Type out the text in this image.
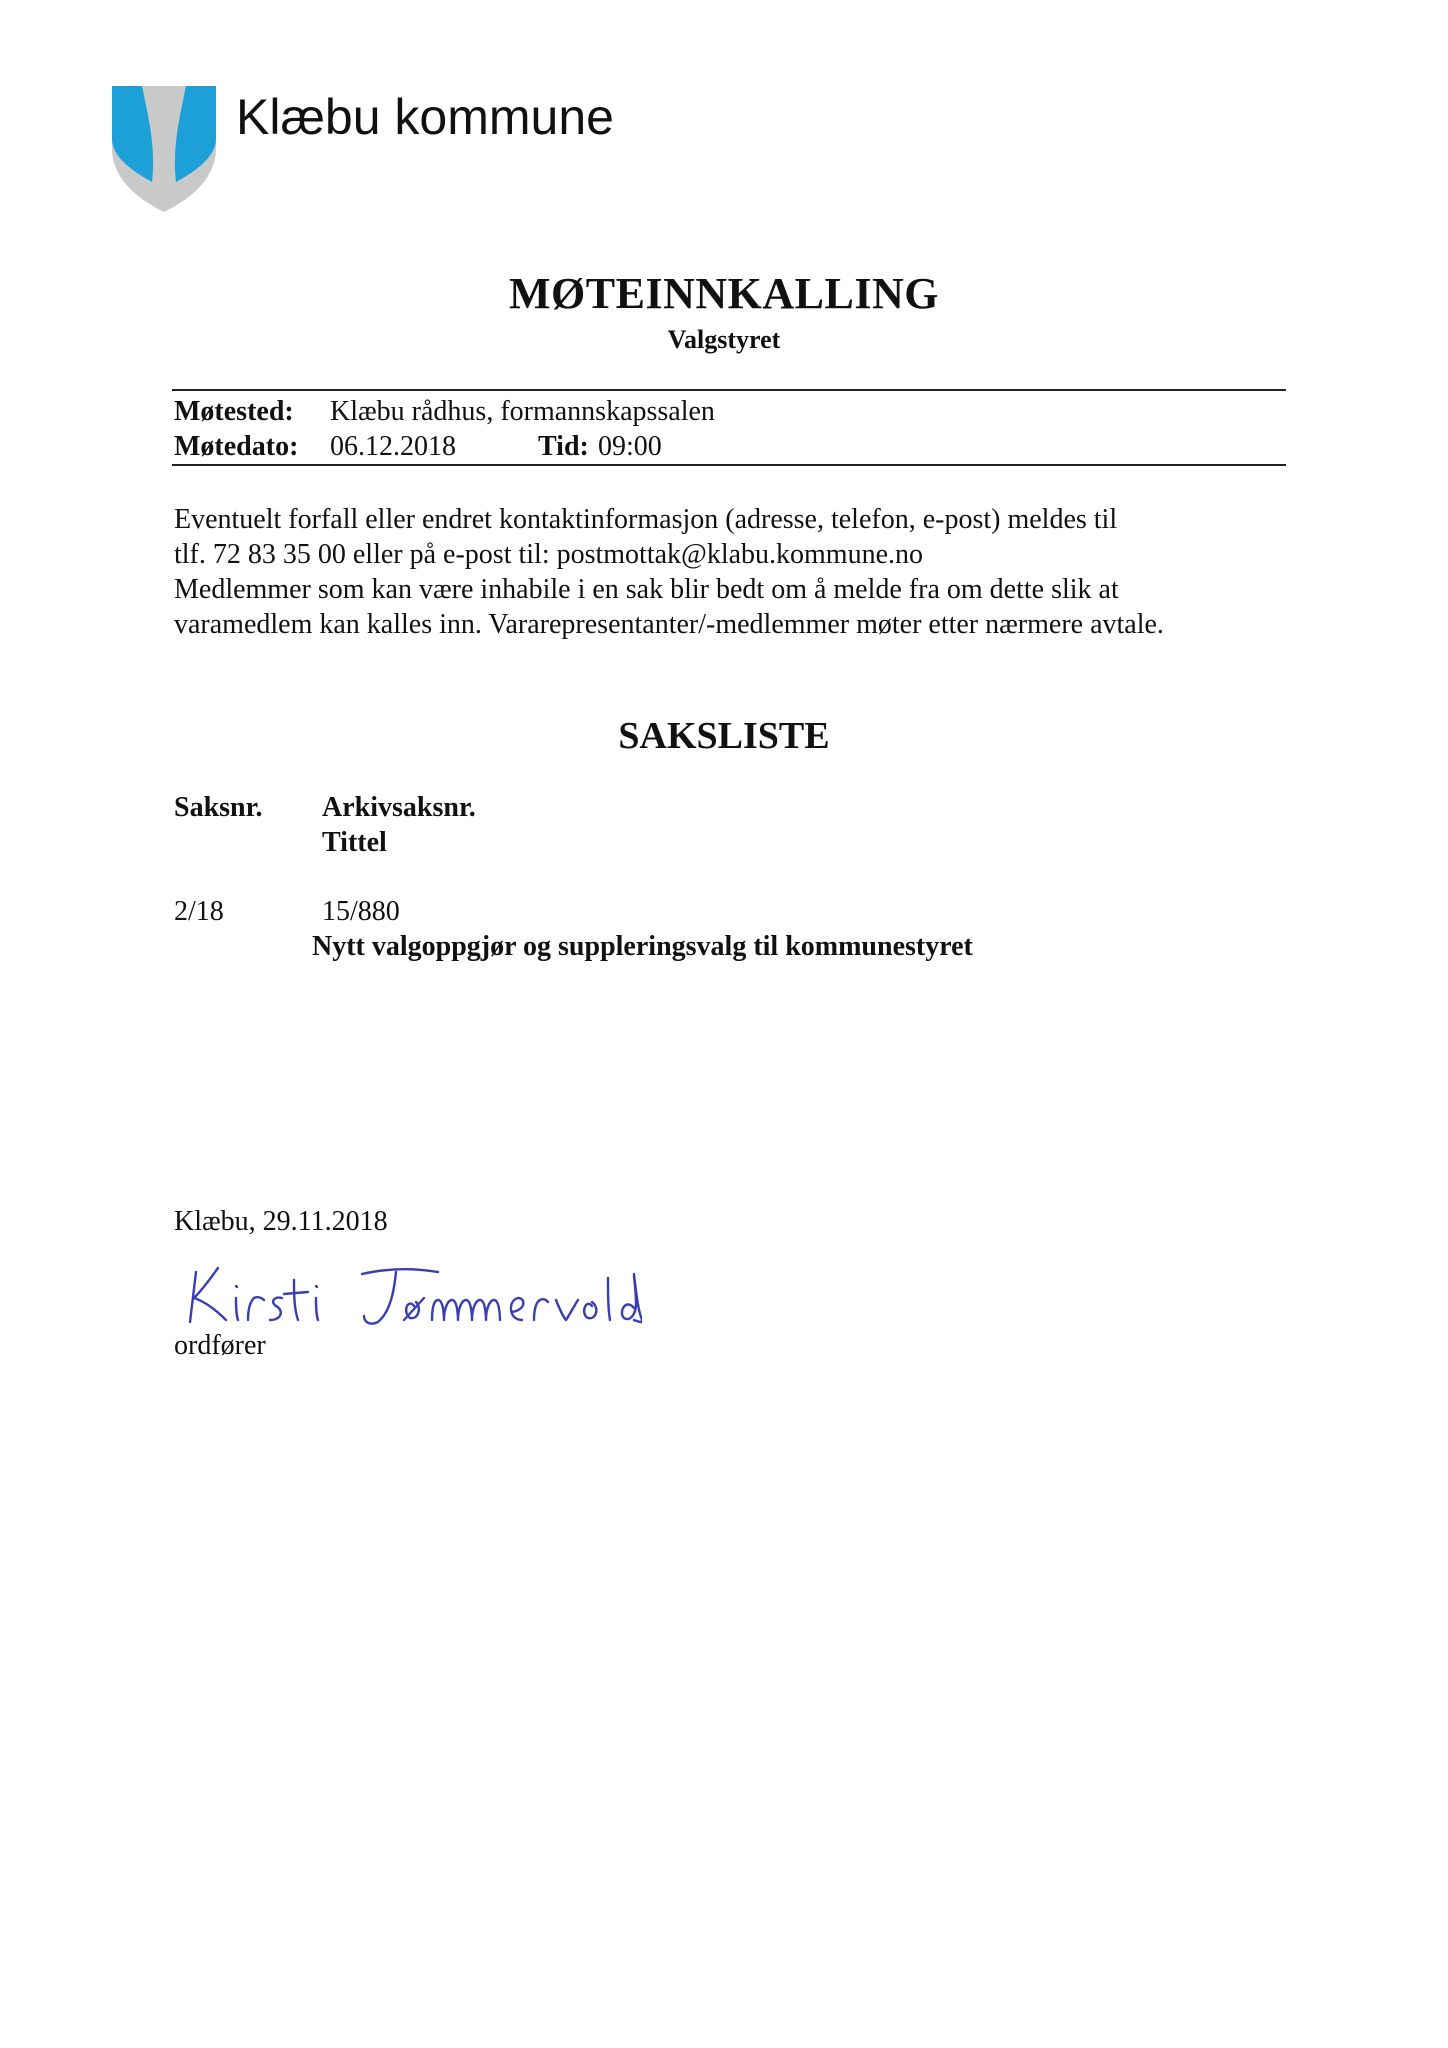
Klæbu kommune
MØTEINNKALLING
Valgstyret
Møtested: Klæbu rådhus, formannskapssalen
Møtedato: 06.12.2018	Tid: 09:00
Eventuelt forfall eller endret kontaktinformasjon (adresse, telefon, e-post) meldes til
tlf. 72 83 35 00 eller på e-post til: postmottak@klabu.kommune.no
Medlemmer som kan være inhabile i en sak blir bedt om å melde fra om dette slik at
varamedlem kan kalles inn. Vararepresentanter/-medlemmer møter etter nærmere avtale.
SAKSLISTE
Saksnr. Arkivsaksnr.
Tittel
2/18	15/880
Nytt valgoppgjør og suppleringsvalg til kommunestyret
Klæbu, 29.11.2018
ordfører
